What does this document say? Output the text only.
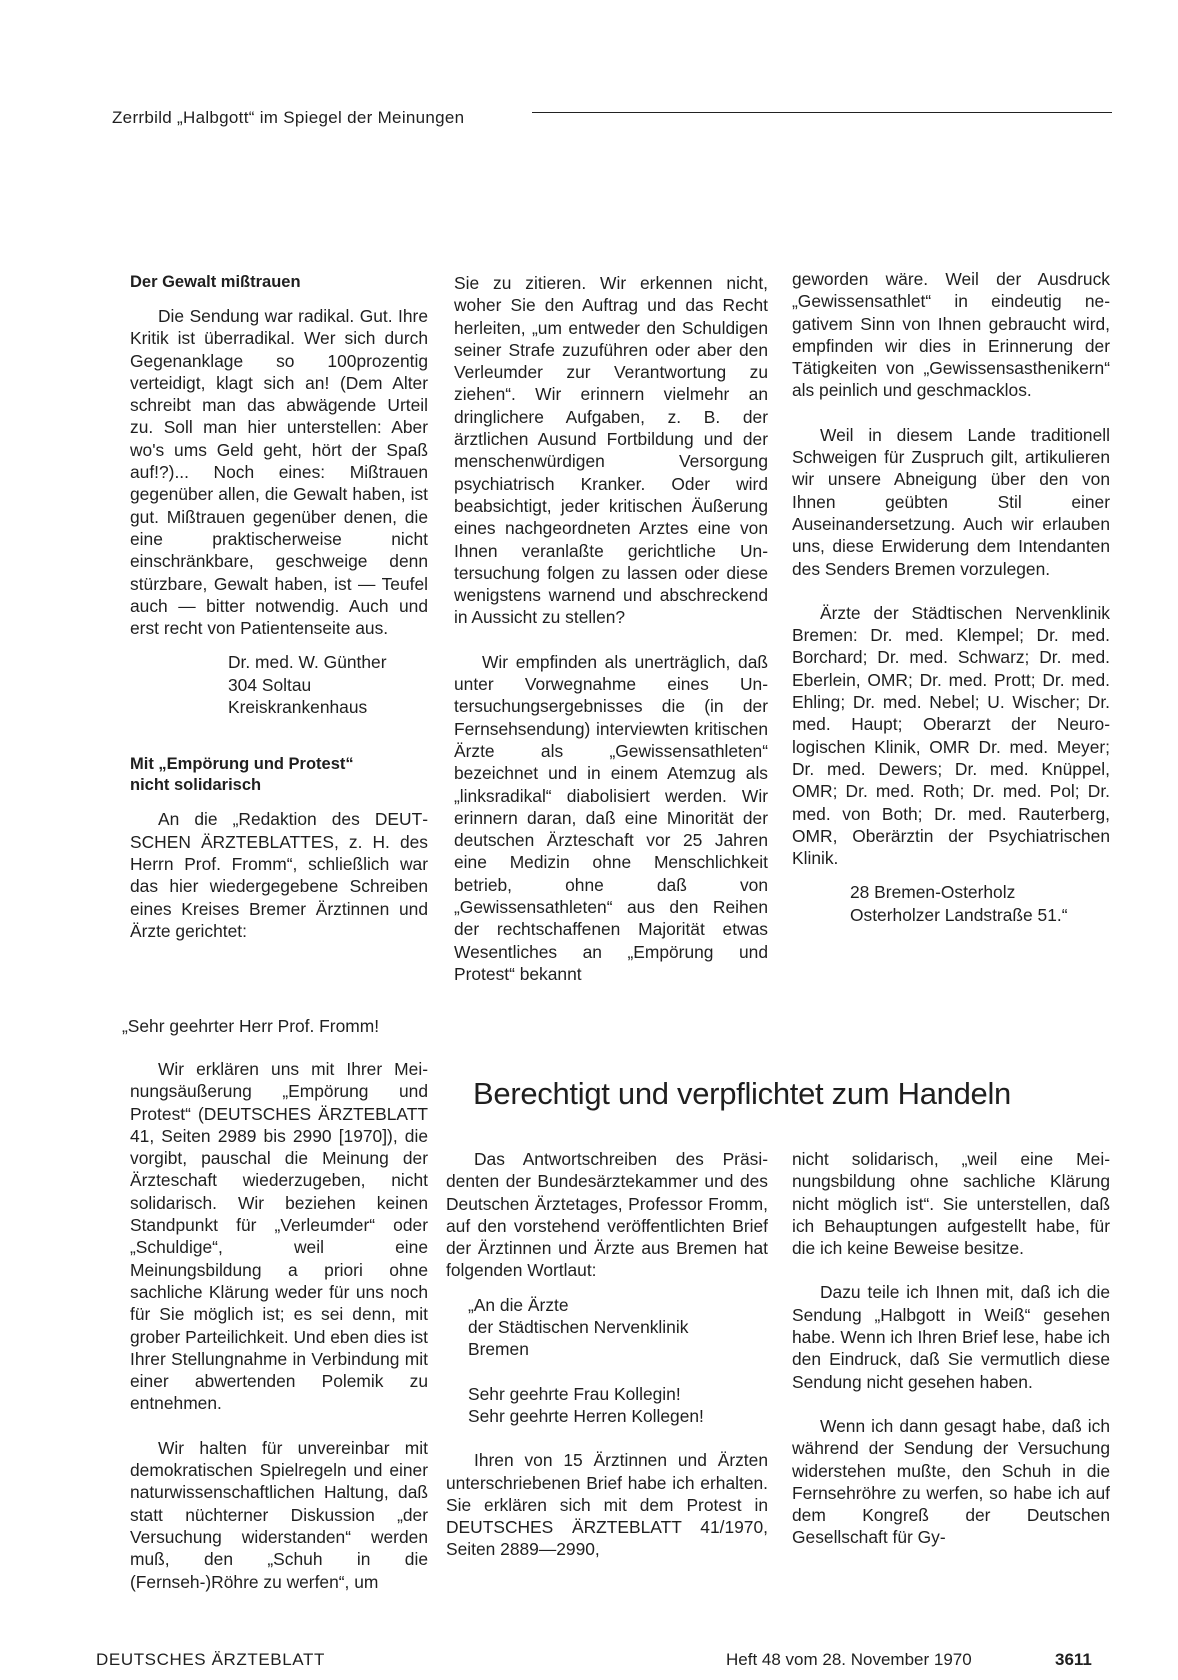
Zerrbild „Halbgott“ im Spiegel der Meinungen

Der Gewalt mißtrauen

Die Sendung war radikal. Gut. Ihre Kritik ist überradikal. Wer sich durch Gegenanklage so 100prozentig verteidigt, klagt sich an! (Dem Alter schreibt man das abwägende Urteil zu. Soll man hier unterstellen: Aber wo's ums Geld geht, hört der Spaß auf!?)... Noch eines: Mißtrauen gegenüber allen, die Gewalt haben, ist gut. Mißtrauen gegenüber denen, die eine praktischerweise nicht einschränkbare, geschweige denn stürzbare, Gewalt haben, ist — Teufel auch — bitter notwendig. Auch und erst recht von Patientenseite aus.

Dr. med. W. Günther

304 Soltau

Kreiskrankenhaus

Mit „Empörung und Protest“

nicht solidarisch

An die „Redaktion des DEUTSCHEN ÄRZTEBLATTES, z. H. des Herrn Prof. Fromm“, schließlich war das hier wiedergegebene Schreiben eines Kreises Bremer Ärztinnen und Ärzte gerichtet:

„Sehr geehrter Herr Prof. Fromm!

Wir erklären uns mit Ihrer Meinungsäußerung „Empörung und Protest“ (DEUTSCHES ÄRZTEBLATT 41, Seiten 2989 bis 2990 [1970]), die vorgibt, pauschal die Meinung der Ärzteschaft wiederzugeben, nicht solidarisch. Wir beziehen keinen Standpunkt für „Verleumder“ oder „Schuldige“, weil eine Meinungsbildung a priori ohne sachliche Klärung weder für uns noch für Sie möglich ist; es sei denn, mit grober Parteilichkeit. Und eben dies ist Ihrer Stellungnahme in Verbindung mit einer abwertenden Polemik zu entnehmen.

Wir halten für unvereinbar mit demokratischen Spielregeln und einer naturwissenschaftlichen Haltung, daß statt nüchterner Diskussion „der Versuchung widerstanden“ werden muß, den „Schuh in die (Fernseh-)Röhre zu werfen“, um

Sie zu zitieren. Wir erkennen nicht, woher Sie den Auftrag und das Recht herleiten, „um entweder den Schuldigen seiner Strafe zuzuführen oder aber den Verleumder zur Verantwortung zu ziehen“. Wir erinnern vielmehr an dringlichere Aufgaben, z. B. der ärztlichen Ausund Fortbildung und der menschenwürdigen Versorgung psychiatrisch Kranker. Oder wird beabsichtigt, jeder kritischen Äußerung eines nachgeordneten Arztes eine von Ihnen veranlaßte gerichtliche Untersuchung folgen zu lassen oder diese wenigstens warnend und abschreckend in Aussicht zu stellen?

Wir empfinden als unerträglich, daß unter Vorwegnahme eines Untersuchungsergebnisses die (in der Fernsehsendung) interviewten kritischen Ärzte als „Gewissensathleten“ bezeichnet und in einem Atemzug als „linksradikal“ diabolisiert werden. Wir erinnern daran, daß eine Minorität der deutschen Ärzteschaft vor 25 Jahren eine Medizin ohne Menschlichkeit betrieb, ohne daß von „Gewissensathleten“ aus den Reihen der rechtschaffenen Majorität etwas Wesentliches an „Empörung und Protest“ bekannt

geworden wäre. Weil der Ausdruck „Gewissensathlet“ in eindeutig negativem Sinn von Ihnen gebraucht wird, empfinden wir dies in Erinnerung der Tätigkeiten von „Gewissensasthenikern“ als peinlich und geschmacklos.

Weil in diesem Lande traditionell Schweigen für Zuspruch gilt, artikulieren wir unsere Abneigung über den von Ihnen geübten Stil einer Auseinandersetzung. Auch wir erlauben uns, diese Erwiderung dem Intendanten des Senders Bremen vorzulegen.

Ärzte der Städtischen Nervenklinik Bremen: Dr. med. Klempel; Dr. med. Borchard; Dr. med. Schwarz; Dr. med. Eberlein, OMR; Dr. med. Prott; Dr. med. Ehling; Dr. med. Nebel; U. Wischer; Dr. med. Haupt; Oberarzt der Neurologischen Klinik, OMR Dr. med. Meyer; Dr. med. Dewers; Dr. med. Knüppel, OMR; Dr. med. Roth; Dr. med. Pol; Dr. med. von Both; Dr. med. Rauterberg, OMR, Oberärztin der Psychiatrischen Klinik.

28 Bremen-Osterholz

Osterholzer Landstraße 51.“

Berechtigt und verpflichtet zum Handeln

Das Antwortschreiben des Präsidenten der Bundesärztekammer und des Deutschen Ärztetages, Professor Fromm, auf den vorstehend veröffentlichten Brief der Ärztinnen und Ärzte aus Bremen hat folgenden Wortlaut:

„An die Ärzte

der Städtischen Nervenklinik

Bremen

Sehr geehrte Frau Kollegin!

Sehr geehrte Herren Kollegen!

Ihren von 15 Ärztinnen und Ärzten unterschriebenen Brief habe ich erhalten. Sie erklären sich mit dem Protest in DEUTSCHES ÄRZTEBLATT 41/1970, Seiten 2889—2990,

nicht solidarisch, „weil eine Meinungsbildung ohne sachliche Klärung nicht möglich ist“. Sie unterstellen, daß ich Behauptungen aufgestellt habe, für die ich keine Beweise besitze.

Dazu teile ich Ihnen mit, daß ich die Sendung „Halbgott in Weiß“ gesehen habe. Wenn ich Ihren Brief lese, habe ich den Eindruck, daß Sie vermutlich diese Sendung nicht gesehen haben.

Wenn ich dann gesagt habe, daß ich während der Sendung der Versuchung widerstehen mußte, den Schuh in die Fernsehröhre zu werfen, so habe ich auf dem Kongreß der Deutschen Gesellschaft für Gy-

DEUTSCHES ÄRZTEBLATT	Heft 48 vom 28. November 1970	3611
